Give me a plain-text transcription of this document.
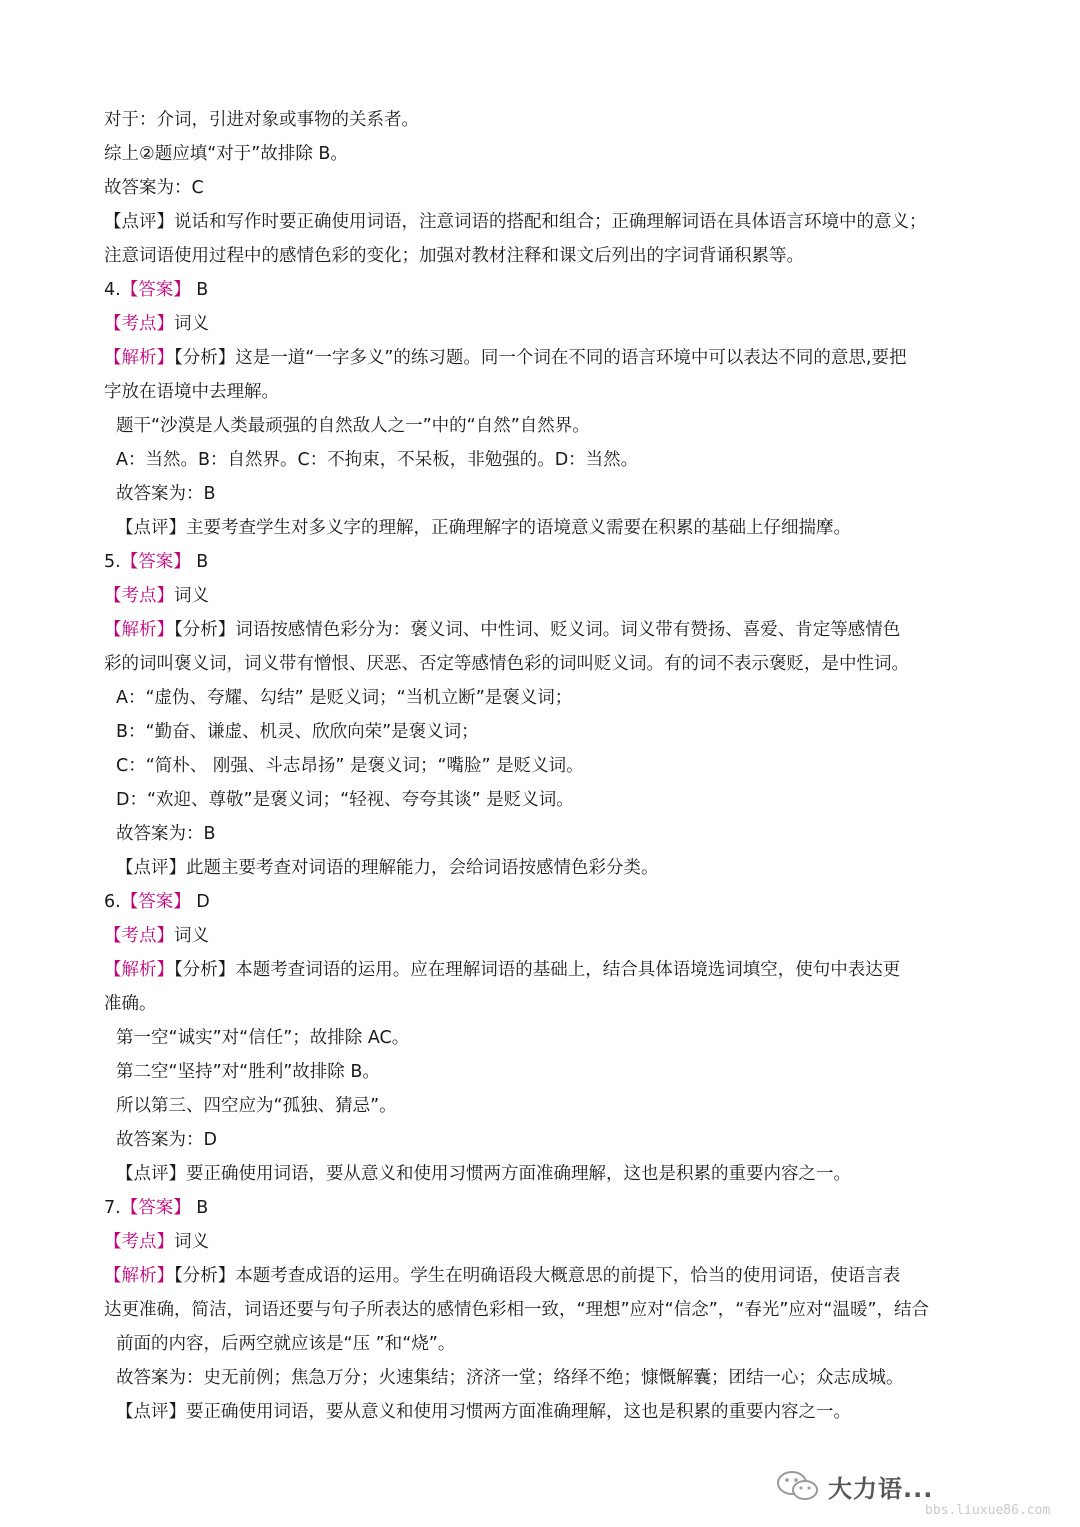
对于：介词，引进对象或事物的关系者。
综上②题应填“对于”故排除 B。
故答案为：C
【点评】说话和写作时要正确使用词语，注意词语的搭配和组合；正确理解词语在具体语言环境中的意义；
注意词语使用过程中的感情色彩的变化；加强对教材注释和课文后列出的字词背诵积累等。
4.【答案】 B
【考点】词义
【解析】【分析】这是一道“一字多义”的练习题。同一个词在不同的语言环境中可以表达不同的意思,要把
字放在语境中去理解。
题干“沙漠是人类最顽强的自然敌人之一”中的“自然”自然界。
A：当然。B：自然界。C：不拘束，不呆板，非勉强的。D：当然。
故答案为：B
【点评】主要考查学生对多义字的理解，正确理解字的语境意义需要在积累的基础上仔细揣摩。
5.【答案】 B
【考点】词义
【解析】【分析】词语按感情色彩分为：褒义词、中性词、贬义词。词义带有赞扬、喜爱、肯定等感情色
彩的词叫褒义词，词义带有憎恨、厌恶、否定等感情色彩的词叫贬义词。有的词不表示褒贬，是中性词。
A：“虚伪、夸耀、勾结” 是贬义词；“当机立断”是褒义词；
B：“勤奋、谦虚、机灵、欣欣向荣”是褒义词；
C：“简朴、 刚强、斗志昂扬” 是褒义词；“嘴脸” 是贬义词。
D：“欢迎、尊敬”是褒义词；“轻视、夸夸其谈” 是贬义词。
故答案为：B
【点评】此题主要考查对词语的理解能力，会给词语按感情色彩分类。
6.【答案】 D
【考点】词义
【解析】【分析】本题考查词语的运用。应在理解词语的基础上，结合具体语境选词填空，使句中表达更
准确。
第一空“诚实”对“信任”；故排除 AC。
第二空“坚持”对“胜利”故排除 B。
所以第三、四空应为“孤独、猜忌”。
故答案为：D
【点评】要正确使用词语，要从意义和使用习惯两方面准确理解，这也是积累的重要内容之一。
7.【答案】 B
【考点】词义
【解析】【分析】本题考查成语的运用。学生在明确语段大概意思的前提下，恰当的使用词语，使语言表
达更准确，简洁，词语还要与句子所表达的感情色彩相一致，“理想”应对“信念”，“春光”应对“温暖”，结合
前面的内容，后两空就应该是“压 ”和“烧”。
故答案为：史无前例；焦急万分；火速集结；济济一堂；络绎不绝；慷慨解囊；团结一心；众志成城。
【点评】要正确使用词语，要从意义和使用习惯两方面准确理解，这也是积累的重要内容之一。
大力语...
bbs.liuxue86.com
